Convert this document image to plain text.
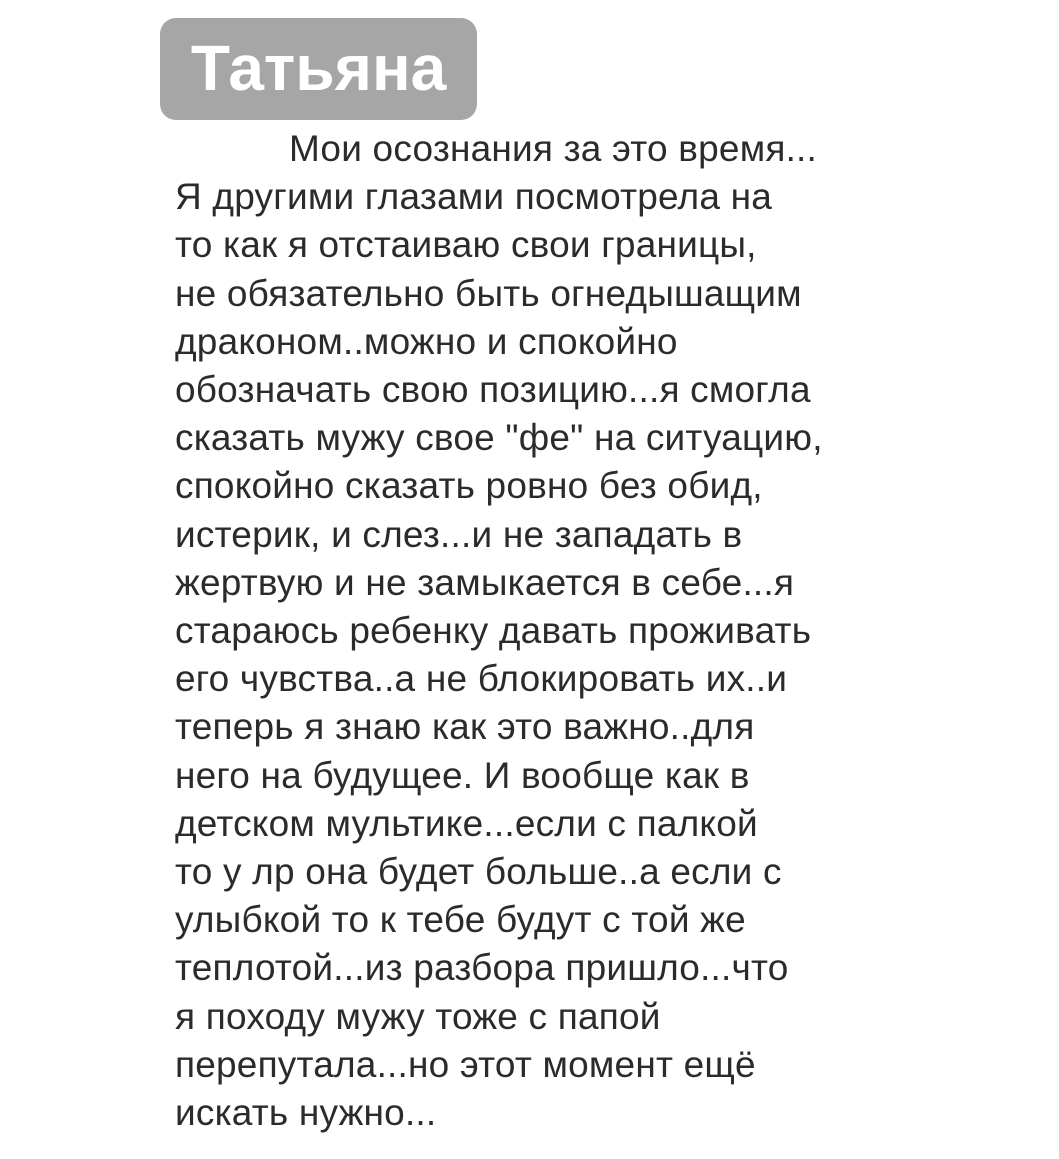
Татьяна
Мои осознания за это время...
Я другими глазами посмотрела на
то как я отстаиваю свои границы,
не обязательно быть огнедышащим
драконом..можно и спокойно
обозначать свою позицию...я смогла
сказать мужу свое "фе" на ситуацию,
спокойно сказать ровно без обид,
истерик, и слез...и не западать в
жертвую и не замыкается в себе...я
стараюсь ребенку давать проживать
его чувства..а не блокировать их..и
теперь я знаю как это важно..для
него на будущее. И вообще как в
детском мультике...если с палкой
то у лр она будет больше..а если с
улыбкой то к тебе будут с той же
теплотой...из разбора пришло...что
я походу мужу тоже с папой
перепутала...но этот момент ещё
искать нужно...
